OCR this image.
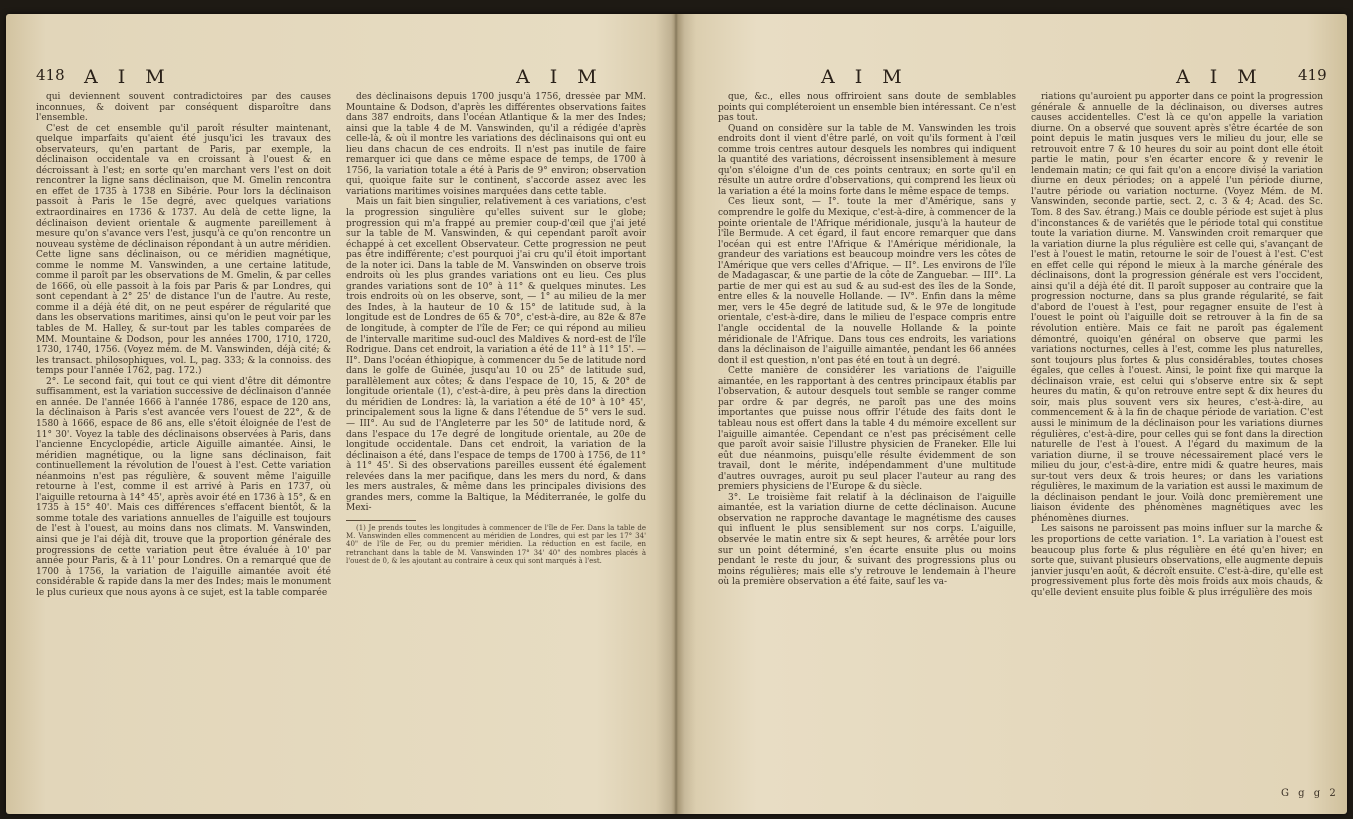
418 A I M	A I M

qui deviennent souvent contradictoires par des causes inconnues, & doivent par conséquent disparoître dans l'ensemble.

C'est de cet ensemble qu'il paroît résulter maintenant, quelque imparfaits qu'aient été jusqu'ici les travaux des observateurs, qu'en partant de Paris, par exemple, la déclinaison occidentale va en croissant à l'ouest & en décroissant à l'est; en sorte qu'en marchant vers l'est on doit rencontrer la ligne sans déclinaison, que M. Gmelin rencontra en effet de 1735 à 1738 en Sibérie. Pour lors la déclinaison passoit à Paris le 15e degré, avec quelques variations extraordinaires en 1736 & 1737. Au delà de cette ligne, la déclinaison devient orientale & augmente pareillement à mesure qu'on s'avance vers l'est, jusqu'à ce qu'on rencontre un nouveau système de déclinaison répondant à un autre méridien. Cette ligne sans déclinaison, ou ce méridien magnétique, comme le nomme M. Vanswinden, a une certaine latitude, comme il paroît par les observations de M. Gmelin, & par celles de 1666, où elle passoit à la fois par Paris & par Londres, qui sont cependant à 2° 25' de distance l'un de l'autre. Au reste, comme il a déjà été dit, on ne peut espérer de régularité que dans les observations maritimes, ainsi qu'on le peut voir par les tables de M. Halley, & sur-tout par les tables comparées de MM. Mountaine & Dodson, pour les années 1700, 1710, 1720, 1730, 1740, 1756. (Voyez mém. de M. Vanswinden, déjà cité; & les transact. philosophiques, vol. L, pag. 333; & la connoiss. des temps pour l'année 1762, pag. 172.)

2°. Le second fait, qui tout ce qui vient d'être dit démontre suffisamment, est la variation successive de déclinaison d'année en année. De l'année 1666 à l'année 1786, espace de 120 ans, la déclinaison à Paris s'est avancée vers l'ouest de 22°, & de 1580 à 1666, espace de 86 ans, elle s'étoit éloignée de l'est de 11° 30'. Voyez la table des déclinaisons observées à Paris, dans l'ancienne Encyclopédie, article Aiguille aimantée. Ainsi, le méridien magnétique, ou la ligne sans déclinaison, fait continuellement la révolution de l'ouest à l'est. Cette variation néanmoins n'est pas régulière, & souvent même l'aiguille retourne à l'est, comme il est arrivé à Paris en 1737, où l'aiguille retourna à 14° 45', après avoir été en 1736 à 15°, & en 1735 à 15° 40'. Mais ces différences s'effacent bientôt, & la somme totale des variations annuelles de l'aiguille est toujours de l'est à l'ouest, au moins dans nos climats. M. Vanswinden, ainsi que je l'ai déjà dit, trouve que la proportion générale des progressions de cette variation peut être évaluée à 10' par année pour Paris, & à 11' pour Londres. On a remarqué que de 1700 à 1756, la variation de l'aiguille aimantée avoit été considérable & rapide dans la mer des Indes; mais le monument le plus curieux que nous ayons à ce sujet, est la table comparée

des déclinaisons depuis 1700 jusqu'à 1756, dressée par MM. Mountaine & Dodson, d'après les différentes observations faites dans 387 endroits, dans l'océan Atlantique & la mer des Indes; ainsi que la table 4 de M. Vanswinden, qu'il a rédigée d'après celle-là, & où il montre les variations des déclinaisons qui ont eu lieu dans chacun de ces endroits. Il n'est pas inutile de faire remarquer ici que dans ce même espace de temps, de 1700 à 1756, la variation totale a été à Paris de 9° environ; observation qui, quoique faite sur le continent, s'accorde assez avec les variations maritimes voisines marquées dans cette table.

Mais un fait bien singulier, relativement à ces variations, c'est la progression singulière qu'elles suivent sur le globe; progression qui m'a frappé au premier coup-d'œil que j'ai jeté sur la table de M. Vanswinden, & qui cependant paroît avoir échappé à cet excellent Observateur. Cette progression ne peut pas être indifférente; c'est pourquoi j'ai cru qu'il étoit important de la noter ici. Dans la table de M. Vanswinden on observe trois endroits où les plus grandes variations ont eu lieu. Ces plus grandes variations sont de 10° à 11° & quelques minutes. Les trois endroits où on les observe, sont, — 1° au milieu de la mer des Indes, à la hauteur de 10 & 15° de latitude sud, à la longitude est de Londres de 65 & 70°, c'est-à-dire, au 82e & 87e de longitude, à compter de l'île de Fer; ce qui répond au milieu de l'intervalle maritime sud-oucl des Maldives & nord-est de l'île Rodrigue. Dans cet endroit, la variation a été de 11° à 11° 15'. — II°. Dans l'océan éthiopique, à commencer du 5e de latitude nord dans le golfe de Guinée, jusqu'au 10 ou 25° de latitude sud, parallèlement aux côtes; & dans l'espace de 10, 15, & 20° de longitude orientale (1), c'est-à-dire, à peu près dans la direction du méridien de Londres: là, la variation a été de 10° à 10° 45', principalement sous la ligne & dans l'étendue de 5° vers le sud. — III°. Au sud de l'Angleterre par les 50° de latitude nord, & dans l'espace du 17e degré de longitude orientale, au 20e de longitude occidentale. Dans cet endroit, la variation de la déclinaison a été, dans l'espace de temps de 1700 à 1756, de 11° à 11° 45'. Si des observations pareilles eussent été également relevées dans la mer pacifique, dans les mers du nord, & dans les mers australes, & même dans les principales divisions des grandes mers, comme la Baltique, la Méditerranée, le golfe du Mexi-

(1) Je prends toutes les longitudes à commencer de l'île de Fer. Dans la table de M. Vanswinden elles commencent au méridien de Londres, qui est par les 17° 34' 40" de l'île de Fer, ou du premier méridien. La réduction en est facile, en retranchant dans la table de M. Vanswinden 17° 34' 40" des nombres placés à l'ouest de 0, & les ajoutant au contraire à ceux qui sont marqués à l'est.

A I M	A I M 419

que, &c., elles nous offriroient sans doute de semblables points qui compléteroient un ensemble bien intéressant. Ce n'est pas tout.

Quand on considère sur la table de M. Vanswinden les trois endroits dont il vient d'être parlé, on voit qu'ils forment à l'œil comme trois centres autour desquels les nombres qui indiquent la quantité des variations, décroissent insensiblement à mesure qu'on s'éloigne d'un de ces points centraux; en sorte qu'il en résulte un autre ordre d'observations, qui comprend les lieux où la variation a été la moins forte dans le même espace de temps.

Ces lieux sont, — I°. toute la mer d'Amérique, sans y comprendre le golfe du Mexique, c'est-à-dire, à commencer de la pointe orientale de l'Afrique méridionale, jusqu'à la hauteur de l'île Bermude. A cet égard, il faut encore remarquer que dans l'océan qui est entre l'Afrique & l'Amérique méridionale, la grandeur des variations est beaucoup moindre vers les côtes de l'Amérique que vers celles d'Afrique. — II°. Les environs de l'île de Madagascar, & une partie de la côte de Zanguebar. — III°. La partie de mer qui est au sud & au sud-est des îles de la Sonde, entre elles & la nouvelle Hollande. — IV°. Enfin dans la même mer, vers le 45e degré de latitude sud, & le 97e de longitude orientale, c'est-à-dire, dans le milieu de l'espace compris entre l'angle occidental de la nouvelle Hollande & la pointe méridionale de l'Afrique. Dans tous ces endroits, les variations dans la déclinaison de l'aiguille aimantée, pendant les 66 années dont il est question, n'ont pas été en tout à un degré.

Cette manière de considérer les variations de l'aiguille aimantée, en les rapportant à des centres principaux établis par l'observation, & autour desquels tout semble se ranger comme par ordre & par degrés, ne paroît pas une des moins importantes que puisse nous offrir l'étude des faits dont le tableau nous est offert dans la table 4 du mémoire excellent sur l'aiguille aimantée. Cependant ce n'est pas précisément celle que paroît avoir saisie l'illustre physicien de Franeker. Elle lui eût due néanmoins, puisqu'elle résulte évidemment de son travail, dont le mérite, indépendamment d'une multitude d'autres ouvrages, auroit pu seul placer l'auteur au rang des premiers physiciens de l'Europe & du siècle.

3°. Le troisième fait relatif à la déclinaison de l'aiguille aimantée, est la variation diurne de cette déclinaison. Aucune observation ne rapproche davantage le magnétisme des causes qui influent le plus sensiblement sur nos corps. L'aiguille, observée le matin entre six & sept heures, & arrêtée pour lors sur un point déterminé, s'en écarte ensuite plus ou moins pendant le reste du jour, & suivant des progressions plus ou moins régulières; mais elle s'y retrouve le lendemain à l'heure où la première observation a été faite, sauf les va-

riations qu'auroient pu apporter dans ce point la progression générale & annuelle de la déclinaison, ou diverses autres causes accidentelles. C'est là ce qu'on appelle la variation diurne. On a observé que souvent après s'être écartée de son point depuis le matin jusques vers le milieu du jour, elle se retrouvoit entre 7 & 10 heures du soir au point dont elle étoit partie le matin, pour s'en écarter encore & y revenir le lendemain matin; ce qui fait qu'on a encore divisé la variation diurne en deux périodes; on a appelé l'un période diurne, l'autre période ou variation nocturne. (Voyez Mém. de M. Vanswinden, seconde partie, sect. 2, c. 3 & 4; Acad. des Sc. Tom. 8 des Sav. étrang.) Mais ce double période est sujet à plus d'inconstances & de variétés que le période total qui constitue toute la variation diurne. M. Vanswinden croit remarquer que la variation diurne la plus régulière est celle qui, s'avançant de l'est à l'ouest le matin, retourne le soir de l'ouest à l'est. C'est en effet celle qui répond le mieux à la marche générale des déclinaisons, dont la progression générale est vers l'occident, ainsi qu'il a déjà été dit. Il paroît supposer au contraire que la progression nocturne, dans sa plus grande régularité, se fait d'abord de l'ouest à l'est, pour regagner ensuite de l'est à l'ouest le point où l'aiguille doit se retrouver à la fin de sa révolution entière. Mais ce fait ne paroît pas également démontré, quoiqu'en général on observe que parmi les variations nocturnes, celles à l'est, comme les plus naturelles, sont toujours plus fortes & plus considérables, toutes choses égales, que celles à l'ouest. Ainsi, le point fixe qui marque la déclinaison vraie, est celui qui s'observe entre six & sept heures du matin, & qu'on retrouve entre sept & dix heures du soir, mais plus souvent vers six heures, c'est-à-dire, au commencement & à la fin de chaque période de variation. C'est aussi le minimum de la déclinaison pour les variations diurnes régulières, c'est-à-dire, pour celles qui se font dans la direction naturelle de l'est à l'ouest. A l'égard du maximum de la variation diurne, il se trouve nécessairement placé vers le milieu du jour, c'est-à-dire, entre midi & quatre heures, mais sur-tout vers deux & trois heures; or dans les variations régulières, le maximum de la variation est aussi le maximum de la déclinaison pendant le jour. Voilà donc premièrement une liaison évidente des phénomènes magnétiques avec les phénomènes diurnes.

Les saisons ne paroissent pas moins influer sur la marche & les proportions de cette variation. 1°. La variation à l'ouest est beaucoup plus forte & plus régulière en été qu'en hiver; en sorte que, suivant plusieurs observations, elle augmente depuis janvier jusqu'en août, & décroît ensuite. C'est-à-dire, qu'elle est progressivement plus forte dès mois froids aux mois chauds, & qu'elle devient ensuite plus foible & plus irrégulière des mois

G g g 2
